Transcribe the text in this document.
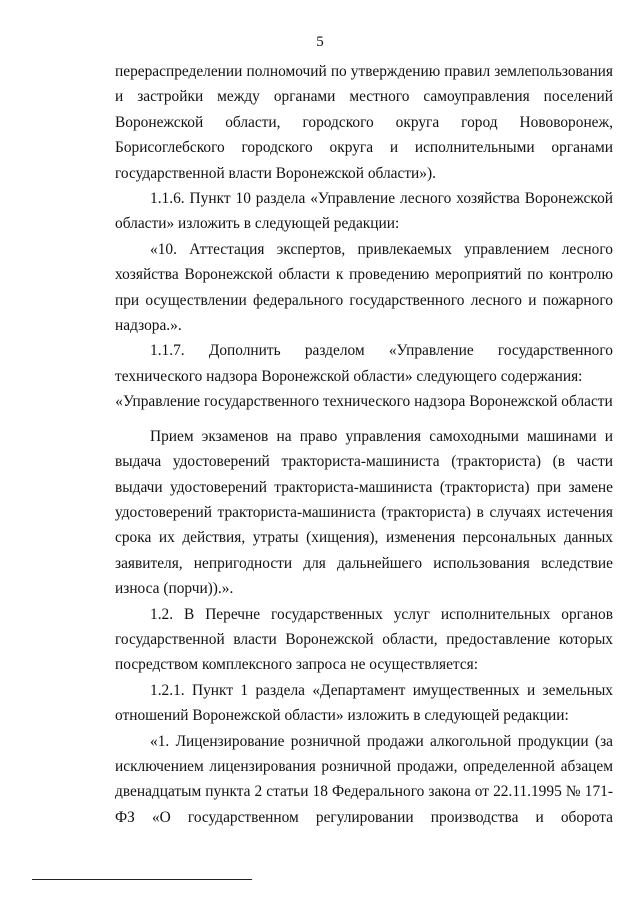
5

перераспределении полномочий по утверждению правил землепользования и застройки между органами местного самоуправления поселений Воронежской области, городского округа город Нововоронеж, Борисоглебского городского округа и исполнительными органами государственной власти Воронежской области»).

1.1.6. Пункт 10 раздела «Управление лесного хозяйства Воронежской области» изложить в следующей редакции:

«10. Аттестация экспертов, привлекаемых управлением лесного хозяйства Воронежской области к проведению мероприятий по контролю при осуществлении федерального государственного лесного и пожарного надзора.».

1.1.7. Дополнить разделом «Управление государственного технического надзора Воронежской области» следующего содержания:

«Управление государственного технического надзора Воронежской области

Прием экзаменов на право управления самоходными машинами и выдача удостоверений тракториста-машиниста (тракториста) (в части выдачи удостоверений тракториста-машиниста (тракториста) при замене удостоверений тракториста-машиниста (тракториста) в случаях истечения срока их действия, утраты (хищения), изменения персональных данных заявителя, непригодности для дальнейшего использования вследствие износа (порчи)).».

1.2. В Перечне государственных услуг исполнительных органов государственной власти Воронежской области, предоставление которых посредством комплексного запроса не осуществляется:

1.2.1. Пункт 1 раздела «Департамент имущественных и земельных отношений Воронежской области» изложить в следующей редакции:

«1. Лицензирование розничной продажи алкогольной продукции (за исключением лицензирования розничной продажи, определенной абзацем двенадцатым пункта 2 статьи 18 Федерального закона от 22.11.1995 № 171-ФЗ «О государственном регулировании производства и оборота
